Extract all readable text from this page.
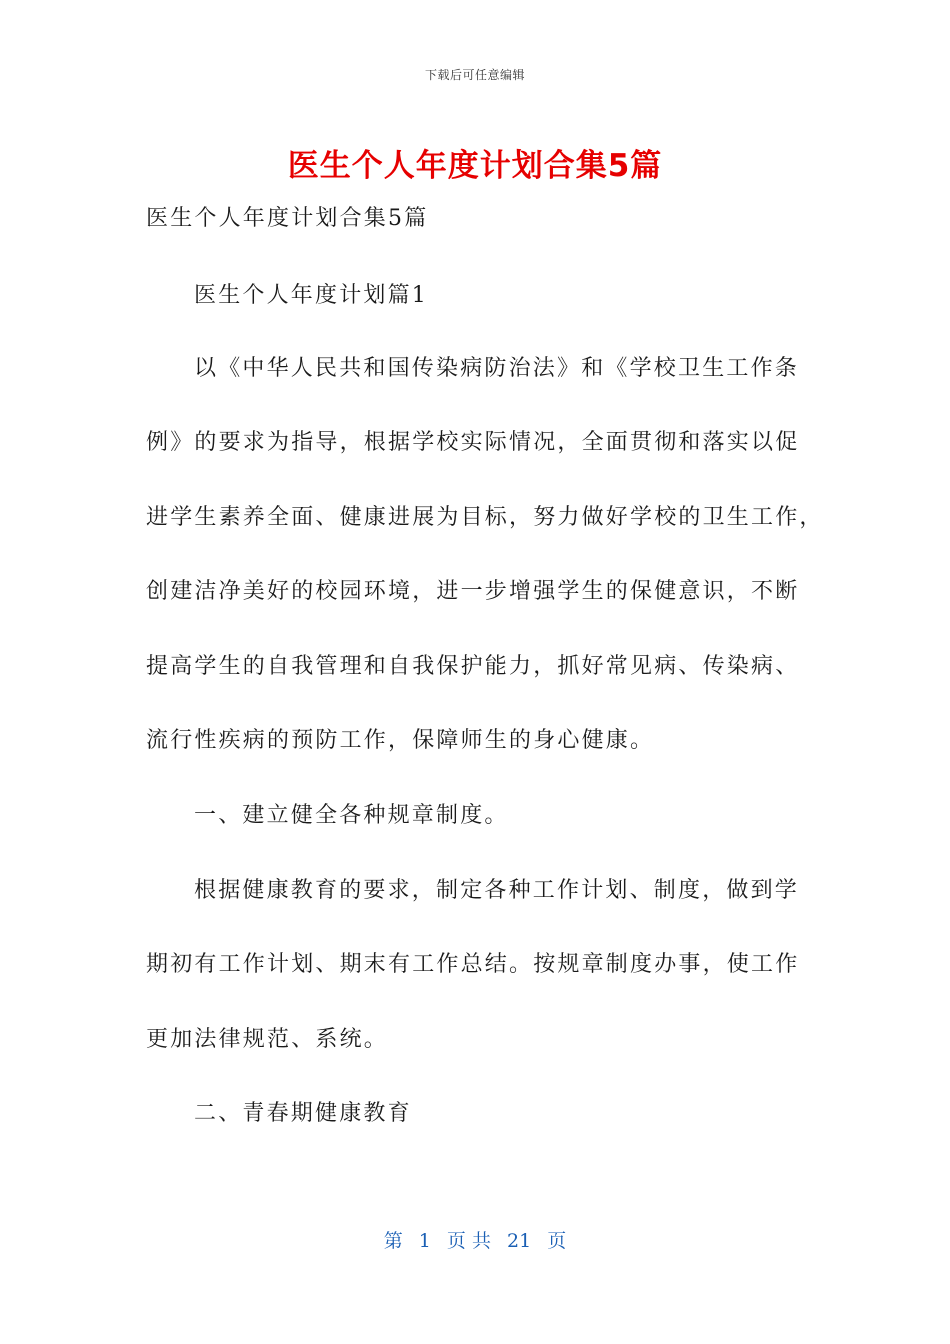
下载后可任意编辑
医生个人年度计划合集5篇
医生个人年度计划合集5篇
医生个人年度计划篇1
以《中华人民共和国传染病防治法》和《学校卫生工作条
例》的要求为指导，根据学校实际情况，全面贯彻和落实以促
进学生素养全面、健康进展为目标，努力做好学校的卫生工作，
创建洁净美好的校园环境，进一步增强学生的保健意识，不断
提高学生的自我管理和自我保护能力，抓好常见病、传染病、
流行性疾病的预防工作，保障师生的身心健康。
一、建立健全各种规章制度。
根据健康教育的要求，制定各种工作计划、制度，做到学
期初有工作计划、期末有工作总结。按规章制度办事，使工作
更加法律规范、系统。
二、青春期健康教育
第 1 页 共 21 页
